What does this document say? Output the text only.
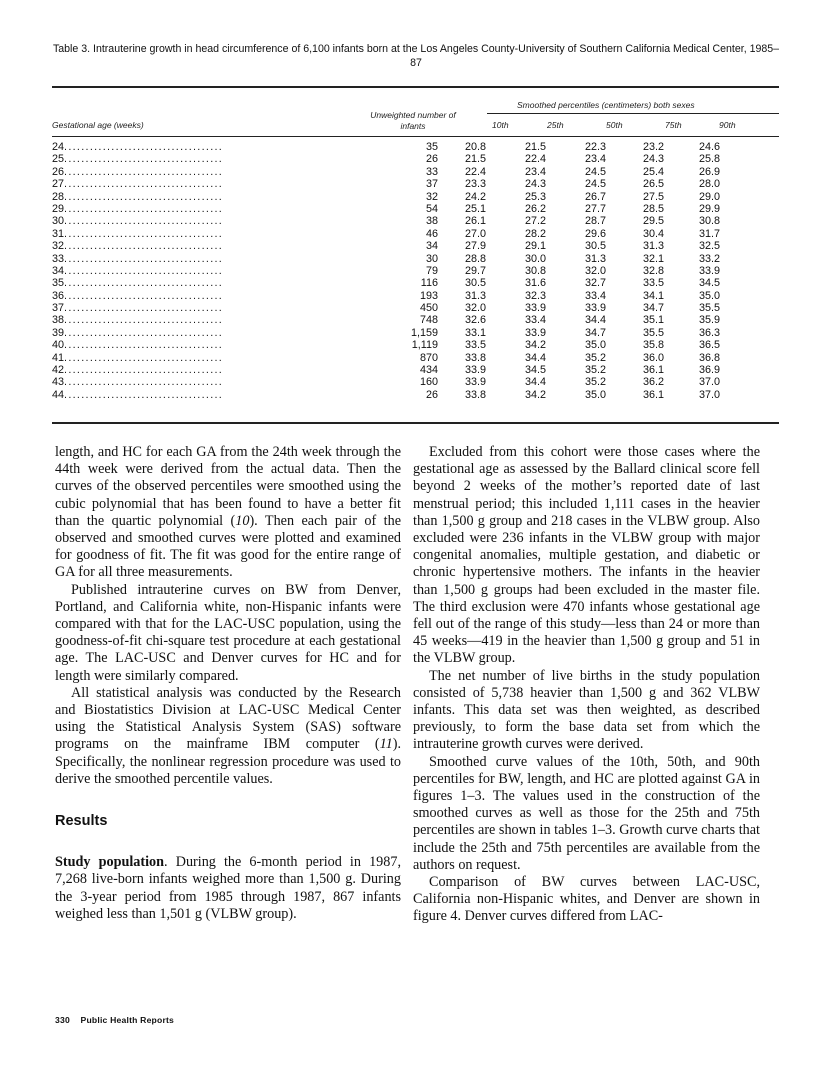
Table 3. Intrauterine growth in head circumference of 6,100 infants born at the Los Angeles County-University of Southern California Medical Center, 1985–87
Smoothed percentiles (centimeters) both sexes
Gestational age (weeks)
Unweighted number of infants	10th	25th	50th	75th	90th
24.....................................	35	20.8	21.5	22.3	23.2	24.6
25.....................................	26	21.5	22.4	23.4	24.3	25.8
26.....................................	33	22.4	23.4	24.5	25.4	26.9
27.....................................	37	23.3	24.3	24.5	26.5	28.0
28.....................................	32	24.2	25.3	26.7	27.5	29.0
29.....................................	54	25.1	26.2	27.7	28.5	29.9
30.....................................	38	26.1	27.2	28.7	29.5	30.8
31.....................................	46	27.0	28.2	29.6	30.4	31.7
32.....................................	34	27.9	29.1	30.5	31.3	32.5
33.....................................	30	28.8	30.0	31.3	32.1	33.2
34.....................................	79	29.7	30.8	32.0	32.8	33.9
35.....................................	116	30.5	31.6	32.7	33.5	34.5
36.....................................	193	31.3	32.3	33.4	34.1	35.0
37.....................................	450	32.0	33.9	33.9	34.7	35.5
38.....................................	748	32.6	33.4	34.4	35.1	35.9
39.....................................	1,159	33.1	33.9	34.7	35.5	36.3
40.....................................	1,119	33.5	34.2	35.0	35.8	36.5
41.....................................	870	33.8	34.4	35.2	36.0	36.8
42.....................................	434	33.9	34.5	35.2	36.1	36.9
43.....................................	160	33.9	34.4	35.2	36.2	37.0
44.....................................	26	33.8	34.2	35.0	36.1	37.0

length, and HC for each GA from the 24th week through the 44th week were derived from the actual data. Then the curves of the observed percentiles were smoothed using the cubic polynomial that has been found to have a better fit than the quartic polynomial (10). Then each pair of the observed and smoothed curves were plotted and examined for goodness of fit. The fit was good for the entire range of GA for all three measurements.

Published intrauterine curves on BW from Denver, Portland, and California white, non-Hispanic infants were compared with that for the LAC-USC population, using the goodness-of-fit chi-square test procedure at each gestational age. The LAC-USC and Denver curves for HC and for length were similarly compared.

All statistical analysis was conducted by the Research and Biostatistics Division at LAC-USC Medical Center using the Statistical Analysis System (SAS) software programs on the mainframe IBM computer (11). Specifically, the nonlinear regression procedure was used to derive the smoothed percentile values.

Results

Study population. During the 6-month period in 1987, 7,268 live-born infants weighed more than 1,500 g. During the 3-year period from 1985 through 1987, 867 infants weighed less than 1,501 g (VLBW group).

Excluded from this cohort were those cases where the gestational age as assessed by the Ballard clinical score fell beyond 2 weeks of the mother’s reported date of last menstrual period; this included 1,111 cases in the heavier than 1,500 g group and 218 cases in the VLBW group. Also excluded were 236 infants in the VLBW group with major congenital anomalies, multiple gestation, and diabetic or chronic hypertensive mothers. The infants in the heavier than 1,500 g groups had been excluded in the master file. The third exclusion were 470 infants whose gestational age fell out of the range of this study—less than 24 or more than 45 weeks—419 in the heavier than 1,500 g group and 51 in the VLBW group.

The net number of live births in the study population consisted of 5,738 heavier than 1,500 g and 362 VLBW infants. This data set was then weighted, as described previously, to form the base data set from which the intrauterine growth curves were derived.

Smoothed curve values of the 10th, 50th, and 90th percentiles for BW, length, and HC are plotted against GA in figures 1–3. The values used in the construction of the smoothed curves as well as those for the 25th and 75th percentiles are shown in tables 1–3. Growth curve charts that include the 25th and 75th percentiles are available from the authors on request.

Comparison of BW curves between LAC-USC, California non-Hispanic whites, and Denver are shown in figure 4. Denver curves differed from LAC-

330 Public Health Reports
